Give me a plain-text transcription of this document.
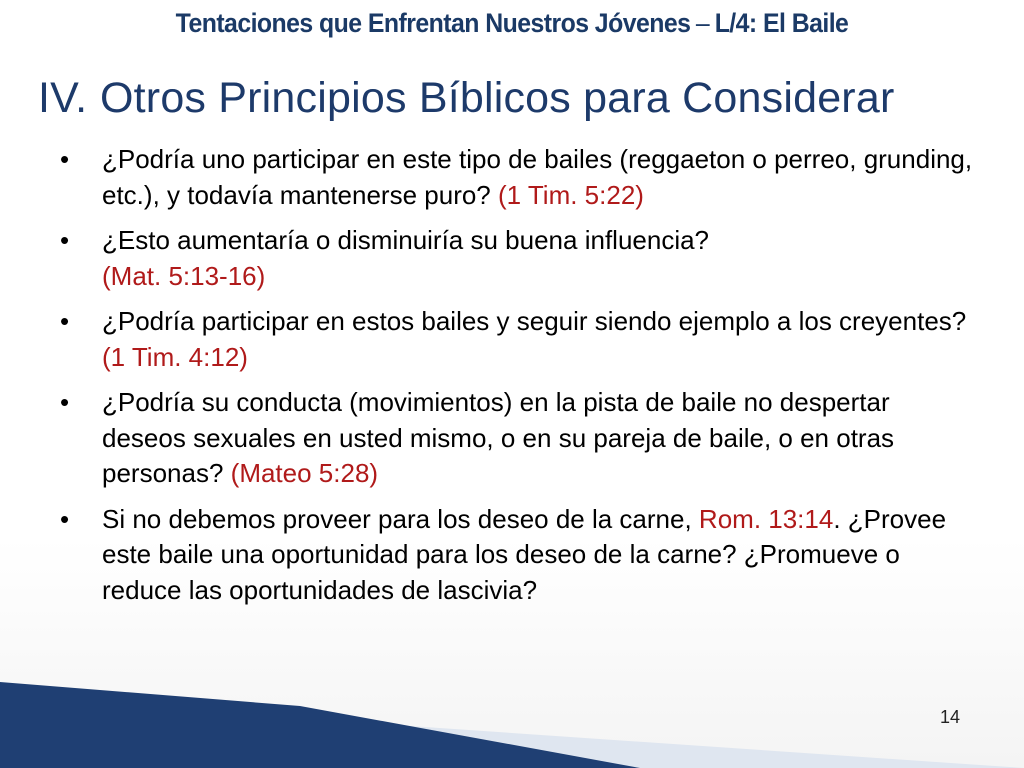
Tentaciones que Enfrentan Nuestros Jóvenes – L/4: El Baile
IV. Otros Principios Bíblicos para Considerar
• ¿Podría uno participar en este tipo de bailes (reggaeton o perreo, grunding, etc.), y todavía mantenerse puro? (1 Tim. 5:22)
• ¿Esto aumentaría o disminuiría su buena influencia?
(Mat. 5:13-16)
• ¿Podría participar en estos bailes y seguir siendo ejemplo a los creyentes? (1 Tim. 4:12)
• ¿Podría su conducta (movimientos) en la pista de baile no despertar deseos sexuales en usted mismo, o en su pareja de baile, o en otras personas? (Mateo 5:28)
• Si no debemos proveer para los deseo de la carne, Rom. 13:14. ¿Provee este baile una oportunidad para los deseo de la carne? ¿Promueve o reduce las oportunidades de lascivia?
14
